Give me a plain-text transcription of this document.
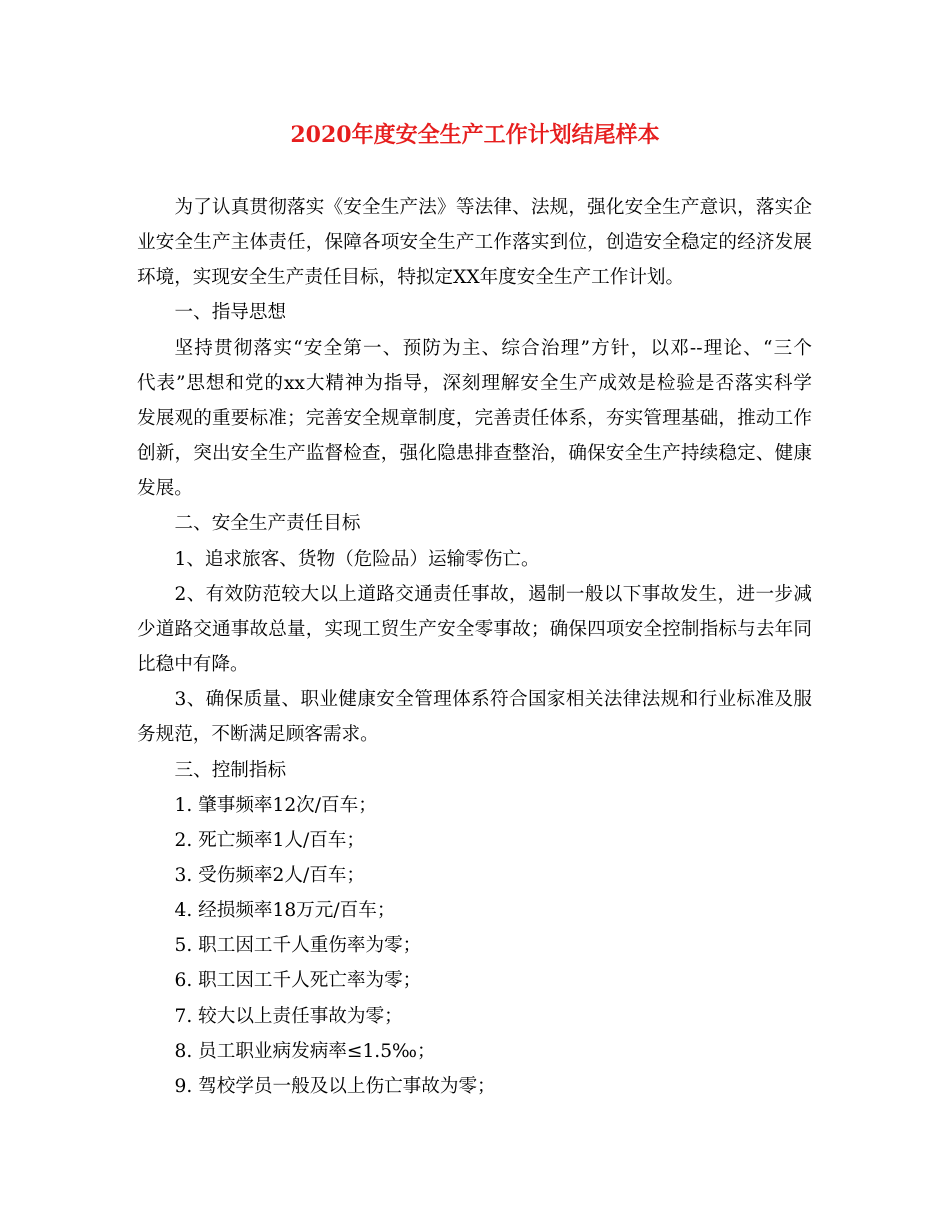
2020年度安全生产工作计划结尾样本
为了认真贯彻落实《安全生产法》等法律、法规，强化安全生产意识，落实企
业安全生产主体责任，保障各项安全生产工作落实到位，创造安全稳定的经济发展
环境，实现安全生产责任目标，特拟定XX年度安全生产工作计划。
一、指导思想
坚持贯彻落实“安全第一、预防为主、综合治理”方针，以邓--理论、“三个
代表”思想和党的xx大精神为指导，深刻理解安全生产成效是检验是否落实科学
发展观的重要标准；完善安全规章制度，完善责任体系，夯实管理基础，推动工作
创新，突出安全生产监督检查，强化隐患排查整治，确保安全生产持续稳定、健康
发展。
二、安全生产责任目标
1、追求旅客、货物（危险品）运输零伤亡。
2、有效防范较大以上道路交通责任事故，遏制一般以下事故发生，进一步减
少道路交通事故总量，实现工贸生产安全零事故；确保四项安全控制指标与去年同
比稳中有降。
3、确保质量、职业健康安全管理体系符合国家相关法律法规和行业标准及服
务规范，不断满足顾客需求。
三、控制指标
1. 肇事频率12次/百车；
2. 死亡频率1人/百车；
3. 受伤频率2人/百车；
4. 经损频率18万元/百车；
5. 职工因工千人重伤率为零；
6. 职工因工千人死亡率为零；
7. 较大以上责任事故为零；
8. 员工职业病发病率≤1.5‰；
9. 驾校学员一般及以上伤亡事故为零；
